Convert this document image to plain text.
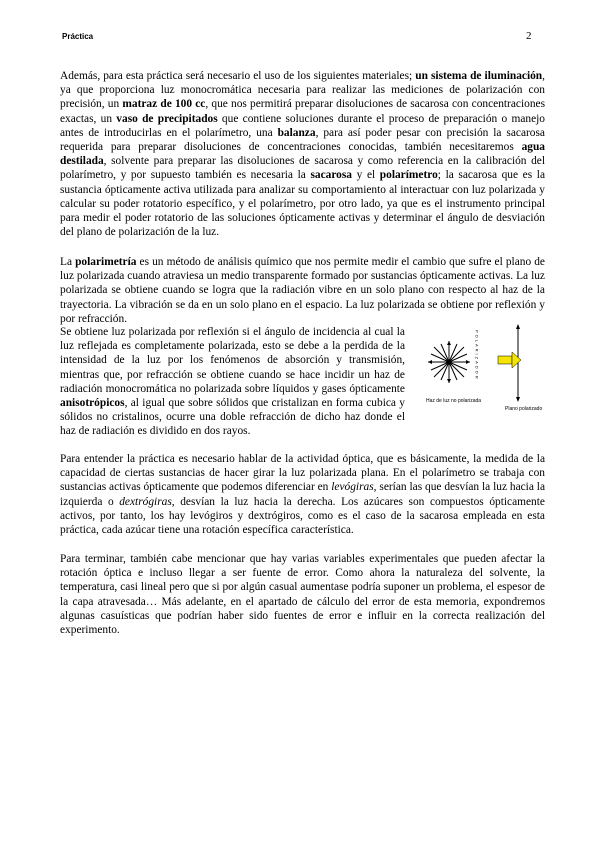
Práctica	2

Además, para esta práctica será necesario el uso de los siguientes materiales; un sistema de iluminación, ya que proporciona luz monocromática necesaria para realizar las mediciones de polarización con precisión, un matraz de 100 cc, que nos permitirá preparar disoluciones de sacarosa con concentraciones exactas, un vaso de precipitados que contiene soluciones durante el proceso de preparación o manejo antes de introducirlas en el polarímetro, una balanza, para así poder pesar con precisión la sacarosa requerida para preparar disoluciones de concentraciones conocidas, también necesitaremos agua destilada, solvente para preparar las disoluciones de sacarosa y como referencia en la calibración del polarímetro, y por supuesto también es necesaria la sacarosa y el polarímetro; la sacarosa que es la sustancia ópticamente activa utilizada para analizar su comportamiento al interactuar con luz polarizada y calcular su poder rotatorio específico, y el polarímetro, por otro lado, ya que es el instrumento principal para medir el poder rotatorio de las soluciones ópticamente activas y determinar el ángulo de desviación del plano de polarización de la luz.

La polarimetría es un método de análisis químico que nos permite medir el cambio que sufre el plano de luz polarizada cuando atraviesa un medio transparente formado por sustancias ópticamente activas. La luz polarizada se obtiene cuando se logra que la radiación vibre en un solo plano con respecto al haz de la trayectoria. La vibración se da en un solo plano en el espacio. La luz polarizada se obtiene por reflexión y por refracción.

Se obtiene luz polarizada por reflexión si el ángulo de incidencia al cual la luz reflejada es completamente polarizada, esto se debe a la perdida de la intensidad de la luz por los fenómenos de absorción y transmisión, mientras que, por refracción se obtiene cuando se hace incidir un haz de radiación monocromática no polarizada sobre líquidos y gases ópticamente anisotrópicos, al igual que sobre sólidos que cristalizan en forma cubica y sólidos no cristalinos, ocurre una doble refracción de dicho haz donde el haz de radiación es dividido en dos rayos.

POLARIZADOR
Haz de luz no polarizada
Plano polarizado

Para entender la práctica es necesario hablar de la actividad óptica, que es básicamente, la medida de la capacidad de ciertas sustancias de hacer girar la luz polarizada plana. En el polarímetro se trabaja con sustancias activas ópticamente que podemos diferenciar en levógiras, serían las que desvían la luz hacia la izquierda o dextrógiras, desvían la luz hacia la derecha. Los azúcares son compuestos ópticamente activos, por tanto, los hay levógiros y dextrógiros, como es el caso de la sacarosa empleada en esta práctica, cada azúcar tiene una rotación específica característica.

Para terminar, también cabe mencionar que hay varias variables experimentales que pueden afectar la rotación óptica e incluso llegar a ser fuente de error. Como ahora la naturaleza del solvente, la temperatura, casi lineal pero que si por algún casual aumentase podría suponer un problema, el espesor de la capa atravesada… Más adelante, en el apartado de cálculo del error de esta memoria, expondremos algunas casuísticas que podrían haber sido fuentes de error e influir en la correcta realización del experimento.
